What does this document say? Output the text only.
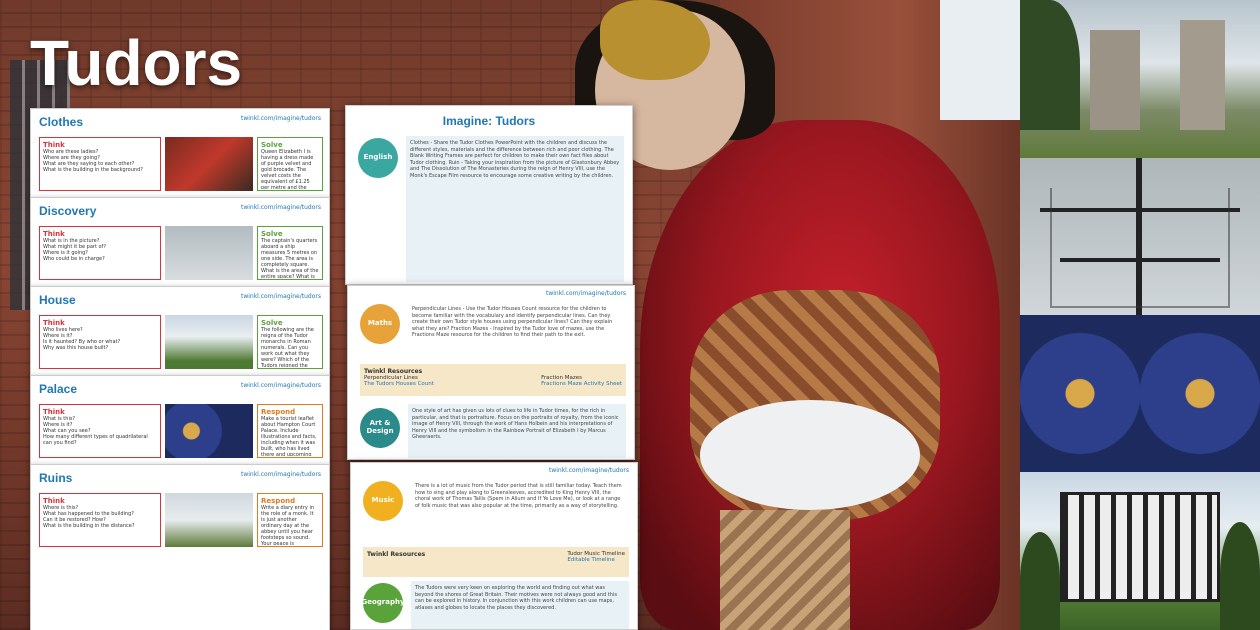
Tudors
Clothes	twinkl.com/imagine/tudors
Think
Who are these ladies?
Where are they going?
What are they saying to each other?
What is the building in the background?
Solve
Queen Elizabeth I is having a dress made of purple velvet and gold brocade. The velvet costs the equivalent of £1.25 per metre and the
Discovery	twinkl.com/imagine/tudors
Think
What is in the picture?
What might it be part of?
Where is it going?
Who could be in charge?
Solve
The captain's quarters aboard a ship measures 5 metres on one side. The area is completely square. What is the area of the entire space? What is
House	twinkl.com/imagine/tudors
Think
Who lives here?
Where is it?
Is it haunted? By who or what?
Why was this house built?
Solve
The following are the reigns of the Tudor monarchs in Roman numerals. Can you work out what they were? Which of the Tudors reigned the
Palace	twinkl.com/imagine/tudors
Think
What is this?
Where is it?
What can you see?
How many different types of quadrilateral can you find?
Respond
Make a tourist leaflet about Hampton Court Palace. Include illustrations and facts, including when it was built, who has lived there and upcoming
Ruins	twinkl.com/imagine/tudors
Think
Where is this?
What has happened to the building?
Can it be restored? How?
What is the building in the distance?
Respond
Write a diary entry in the role of a monk. It is just another ordinary day at the abbey until you hear footsteps so sound. Your peace is
Imagine: Tudors
English
Clothes - Share the Tudor Clothes PowerPoint with the children and discuss the different styles, materials and the difference between rich and poor clothing. The Blank Writing Frames are perfect for children to make their own fact files about Tudor clothing. Ruin - Taking your inspiration from the picture of Glastonbury Abbey and The Dissolution of The Monasteries during the reign of Henry VIII, use the Monk's Escape Film resource to encourage some creative writing by the children.
twinkl.com/imagine/tudors
Maths
Perpendicular Lines - Use the Tudor Houses Count resource for the children to become familiar with the vocabulary and identify perpendicular lines. Can they create their own Tudor style houses using perpendicular lines? Can they explain what they are? Fraction Mazes - Inspired by the Tudor love of mazes, use the Fractions Maze resource for the children to find their path to the exit.
Twinkl Resources
Perpendicular Lines
The Tudors Houses Count
Fraction Mazes
Fractions Maze Activity Sheet
Art & Design
One style of art has given us lots of clues to life in Tudor times, for the rich in particular, and that is portraiture. Focus on the portraits of royalty, from the iconic image of Henry VIII, through the work of Hans Holbein and his interpretations of Henry VIII and the symbolism in the Rainbow Portrait of Elizabeth I by Marcus Gheeraerts.
twinkl.com/imagine/tudors
Music
There is a lot of music from the Tudor period that is still familiar today. Teach them how to sing and play along to Greensleeves, accredited to King Henry VIII, the choral work of Thomas Tallis (Spem in Alium and If Ye Love Me), or look at a range of folk music that was also popular at the time, primarily as a way of storytelling.
Twinkl Resources	Tudor Music Timeline
Editable Timeline
Geography
The Tudors were very keen on exploring the world and finding out what was beyond the shores of Great Britain. Their motives were not always good and this can be explored in history. In conjunction with this work children can use maps, atlases and globes to locate the places they discovered.
